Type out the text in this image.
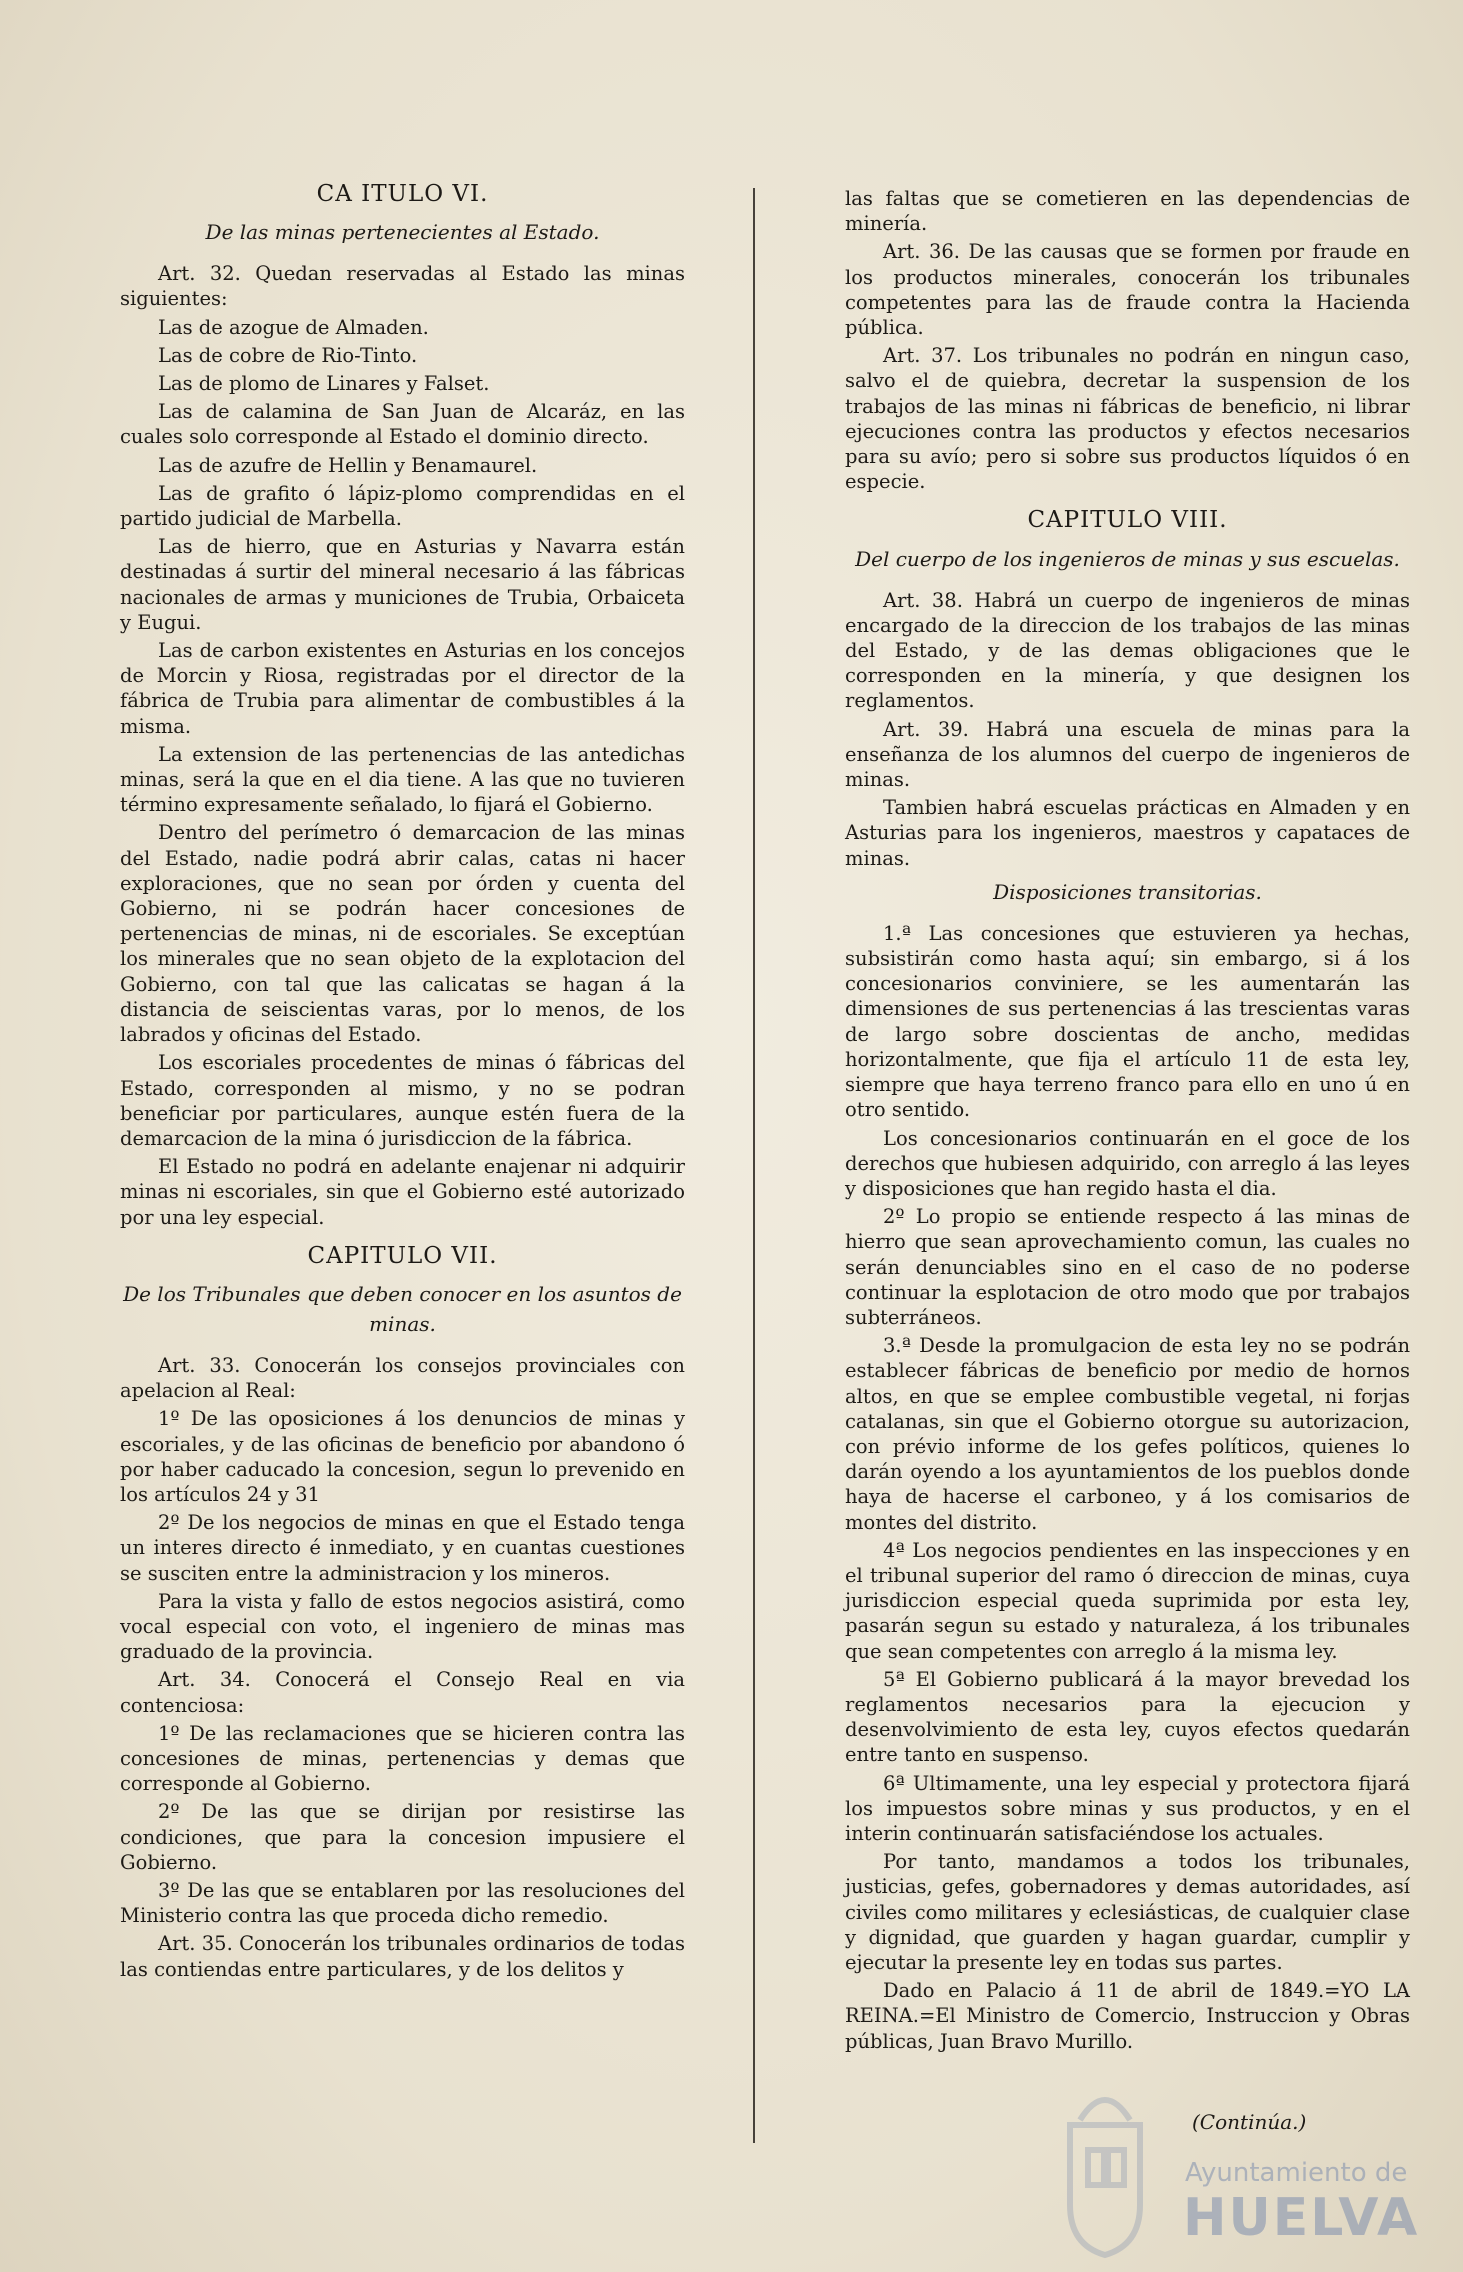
CA ITULO VI.
De las minas pertenecientes al Estado.

Art. 32. Quedan reservadas al Estado las minas siguientes:

Las de azogue de Almaden.

Las de cobre de Rio-Tinto.

Las de plomo de Linares y Falset.

Las de calamina de San Juan de Alcaráz, en las cuales solo corresponde al Estado el dominio directo.

Las de azufre de Hellin y Benamaurel.

Las de grafito ó lápiz-plomo comprendidas en el partido judicial de Marbella.

Las de hierro, que en Asturias y Navarra están destinadas á surtir del mineral necesario á las fábricas nacionales de armas y municiones de Trubia, Orbaiceta y Eugui.

Las de carbon existentes en Asturias en los concejos de Morcin y Riosa, registradas por el director de la fábrica de Trubia para alimentar de combustibles á la misma.

La extension de las pertenencias de las antedichas minas, será la que en el dia tiene. A las que no tuvieren término expresamente señalado, lo fijará el Gobierno.

Dentro del perímetro ó demarcacion de las minas del Estado, nadie podrá abrir calas, catas ni hacer exploraciones, que no sean por órden y cuenta del Gobierno, ni se podrán hacer concesiones de pertenencias de minas, ni de escoriales. Se exceptúan los minerales que no sean objeto de la explotacion del Gobierno, con tal que las calicatas se hagan á la distancia de seiscientas varas, por lo menos, de los labrados y oficinas del Estado.

Los escoriales procedentes de minas ó fábricas del Estado, corresponden al mismo, y no se podran beneficiar por particulares, aunque estén fuera de la demarcacion de la mina ó jurisdiccion de la fábrica.

El Estado no podrá en adelante enajenar ni adquirir minas ni escoriales, sin que el Gobierno esté autorizado por una ley especial.

CAPITULO VII.
De los Tribunales que deben conocer en los asuntos de minas.

Art. 33. Conocerán los consejos provinciales con apelacion al Real:

1º De las oposiciones á los denuncios de minas y escoriales, y de las oficinas de beneficio por abandono ó por haber caducado la concesion, segun lo prevenido en los artículos 24 y 31

2º De los negocios de minas en que el Estado tenga un interes directo é inmediato, y en cuantas cuestiones se susciten entre la administracion y los mineros.

Para la vista y fallo de estos negocios asistirá, como vocal especial con voto, el ingeniero de minas mas graduado de la provincia.

Art. 34. Conocerá el Consejo Real en via contenciosa:

1º De las reclamaciones que se hicieren contra las concesiones de minas, pertenencias y demas que corresponde al Gobierno.

2º De las que se dirijan por resistirse las condiciones, que para la concesion impusiere el Gobierno.

3º De las que se entablaren por las resoluciones del Ministerio contra las que proceda dicho remedio.

Art. 35. Conocerán los tribunales ordinarios de todas las contiendas entre particulares, y de los delitos y

las faltas que se cometieren en las dependencias de minería.

Art. 36. De las causas que se formen por fraude en los productos minerales, conocerán los tribunales competentes para las de fraude contra la Hacienda pública.

Art. 37. Los tribunales no podrán en ningun caso, salvo el de quiebra, decretar la suspension de los trabajos de las minas ni fábricas de beneficio, ni librar ejecuciones contra las productos y efectos necesarios para su avío; pero si sobre sus productos líquidos ó en especie.

CAPITULO VIII.
Del cuerpo de los ingenieros de minas y sus escuelas.

Art. 38. Habrá un cuerpo de ingenieros de minas encargado de la direccion de los trabajos de las minas del Estado, y de las demas obligaciones que le corresponden en la minería, y que designen los reglamentos.

Art. 39. Habrá una escuela de minas para la enseñanza de los alumnos del cuerpo de ingenieros de minas.

Tambien habrá escuelas prácticas en Almaden y en Asturias para los ingenieros, maestros y capataces de minas.

Disposiciones transitorias.

1.ª Las concesiones que estuvieren ya hechas, subsistirán como hasta aquí; sin embargo, si á los concesionarios conviniere, se les aumentarán las dimensiones de sus pertenencias á las trescientas varas de largo sobre doscientas de ancho, medidas horizontalmente, que fija el artículo 11 de esta ley, siempre que haya terreno franco para ello en uno ú en otro sentido.

Los concesionarios continuarán en el goce de los derechos que hubiesen adquirido, con arreglo á las leyes y disposiciones que han regido hasta el dia.

2º Lo propio se entiende respecto á las minas de hierro que sean aprovechamiento comun, las cuales no serán denunciables sino en el caso de no poderse continuar la esplotacion de otro modo que por trabajos subterráneos.

3.ª Desde la promulgacion de esta ley no se podrán establecer fábricas de beneficio por medio de hornos altos, en que se emplee combustible vegetal, ni forjas catalanas, sin que el Gobierno otorgue su autorizacion, con prévio informe de los gefes políticos, quienes lo darán oyendo a los ayuntamientos de los pueblos donde haya de hacerse el carboneo, y á los comisarios de montes del distrito.

4ª Los negocios pendientes en las inspecciones y en el tribunal superior del ramo ó direccion de minas, cuya jurisdiccion especial queda suprimida por esta ley, pasarán segun su estado y naturaleza, á los tribunales que sean competentes con arreglo á la misma ley.

5ª El Gobierno publicará á la mayor brevedad los reglamentos necesarios para la ejecucion y desenvolvimiento de esta ley, cuyos efectos quedarán entre tanto en suspenso.

6ª Ultimamente, una ley especial y protectora fijará los impuestos sobre minas y sus productos, y en el interin continuarán satisfaciéndose los actuales.

Por tanto, mandamos a todos los tribunales, justicias, gefes, gobernadores y demas autoridades, así civiles como militares y eclesiásticas, de cualquier clase y dignidad, que guarden y hagan guardar, cumplir y ejecutar la presente ley en todas sus partes.

Dado en Palacio á 11 de abril de 1849.=YO LA REINA.=El Ministro de Comercio, Instruccion y Obras públicas, Juan Bravo Murillo.

(Continúa.)
Ayuntamiento de
HUELVA
